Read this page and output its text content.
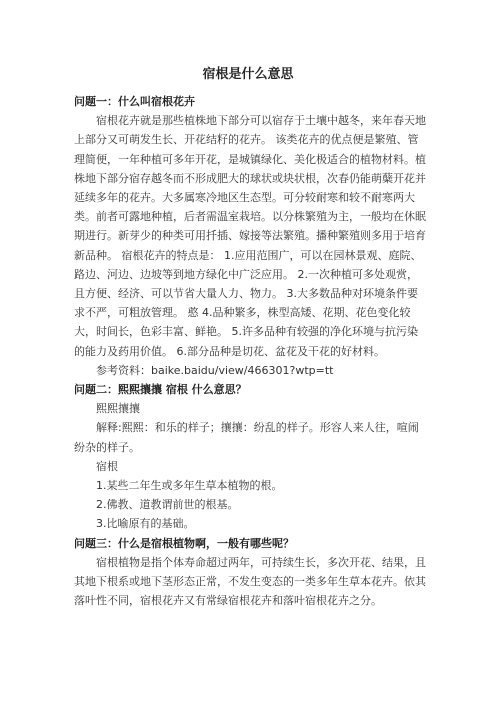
宿根是什么意思
问题一：什么叫宿根花卉

宿根花卉就是那些植株地下部分可以宿存于土壤中越冬，来年春天地上部分又可萌发生长、开花结籽的花卉。 该类花卉的优点便是繁殖、管理简便，一年种植可多年开花，是城镇绿化、美化极适合的植物材料。植株地下部分宿存越冬而不形成肥大的球状或块状根，次春仍能萌蘖开花并延续多年的花卉。大多属寒冷地区生态型。可分较耐寒和较不耐寒两大类。前者可露地种植，后者需温室栽培。以分株繁殖为主，一般均在休眠期进行。新芽少的种类可用扦插、嫁接等法繁殖。播种繁殖则多用于培育新品种。 宿根花卉的特点是： 1.应用范围广，可以在园林景观、庭院、路边、河边、边坡等到地方绿化中广泛应用。 2.一次种植可多处观赏，且方便、经济、可以节省大量人力、物力。 3.大多数品种对环境条件要求不严，可粗放管理。 憨 4.品种繁多，株型高矮、花期、花色变化较大，时间长，色彩丰富、鲜艳。 5.许多品种有较强的净化环境与抗污染的能力及药用价值。 6.部分品种是切花、盆花及干花的好材料。

参考资料：baike.baidu/view/466301?wtp=tt
问题二：熙熙攘攘 宿根 什么意思？
熙熙攘攘

解释:熙熙：和乐的样子；攘攘：纷乱的样子。形容人来人往，喧闹纷杂的样子。

宿根
1.某些二年生或多年生草本植物的根。
2.佛教、道教谓前世的根基。
3.比喻原有的基础。
问题三：什么是宿根植物啊，一般有哪些呢？

宿根植物是指个体寿命超过两年，可持续生长，多次开花、结果，且其地下根系或地下茎形态正常，不发生变态的一类多年生草本花卉。依其落叶性不同，宿根花卉又有常绿宿根花卉和落叶宿根花卉之分。
